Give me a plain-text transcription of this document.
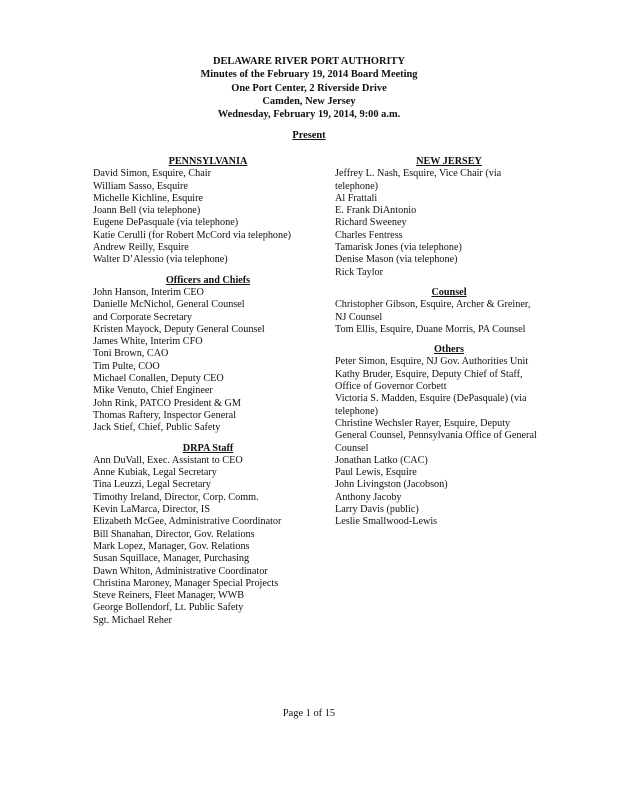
DELAWARE RIVER PORT AUTHORITY
Minutes of the February 19, 2014 Board Meeting
One Port Center, 2 Riverside Drive
Camden, New Jersey
Wednesday, February 19, 2014, 9:00 a.m.
Present
PENNSYLVANIA
David Simon, Esquire, Chair
William Sasso, Esquire
Michelle Kichline, Esquire
Joann Bell (via telephone)
Eugene DePasquale (via telephone)
Katie Cerulli (for Robert McCord via telephone)
Andrew Reilly, Esquire
Walter D’Alessio (via telephone)
Officers and Chiefs
John Hanson, Interim CEO
Danielle McNichol, General Counsel
and Corporate Secretary
Kristen Mayock, Deputy General Counsel
James White, Interim CFO
Toni Brown, CAO
Tim Pulte, COO
Michael Conallen, Deputy CEO
Mike Venuto, Chief Engineer
John Rink, PATCO President & GM
Thomas Raftery, Inspector General
Jack Stief, Chief, Public Safety
DRPA Staff
Ann DuVall, Exec. Assistant to CEO
Anne Kubiak, Legal Secretary
Tina Leuzzi, Legal Secretary
Timothy Ireland, Director, Corp. Comm.
Kevin LaMarca, Director, IS
Elizabeth McGee, Administrative Coordinator
Bill Shanahan, Director, Gov. Relations
Mark Lopez, Manager, Gov. Relations
Susan Squillace, Manager, Purchasing
Dawn Whiton, Administrative Coordinator
Christina Maroney, Manager Special Projects
Steve Reiners, Fleet Manager, WWB
George Bollendorf, Lt. Public Safety
Sgt. Michael Reher
NEW JERSEY
Jeffrey L. Nash, Esquire, Vice Chair (via
telephone)
Al Frattali
E. Frank DiAntonio
Richard Sweeney
Charles Fentress
Tamarisk Jones (via telephone)
Denise Mason (via telephone)
Rick Taylor
Counsel
Christopher Gibson, Esquire, Archer & Greiner,
NJ Counsel
Tom Ellis, Esquire, Duane Morris, PA Counsel
Others
Peter Simon, Esquire, NJ Gov. Authorities Unit
Kathy Bruder, Esquire, Deputy Chief of Staff,
Office of Governor Corbett
Victoria S. Madden, Esquire (DePasquale) (via
telephone)
Christine Wechsler Rayer, Esquire, Deputy
General Counsel, Pennsylvania Office of General
Counsel
Jonathan Latko (CAC)
Paul Lewis, Esquire
John Livingston (Jacobson)
Anthony Jacoby
Larry Davis (public)
Leslie Smallwood-Lewis
Page 1 of 15
